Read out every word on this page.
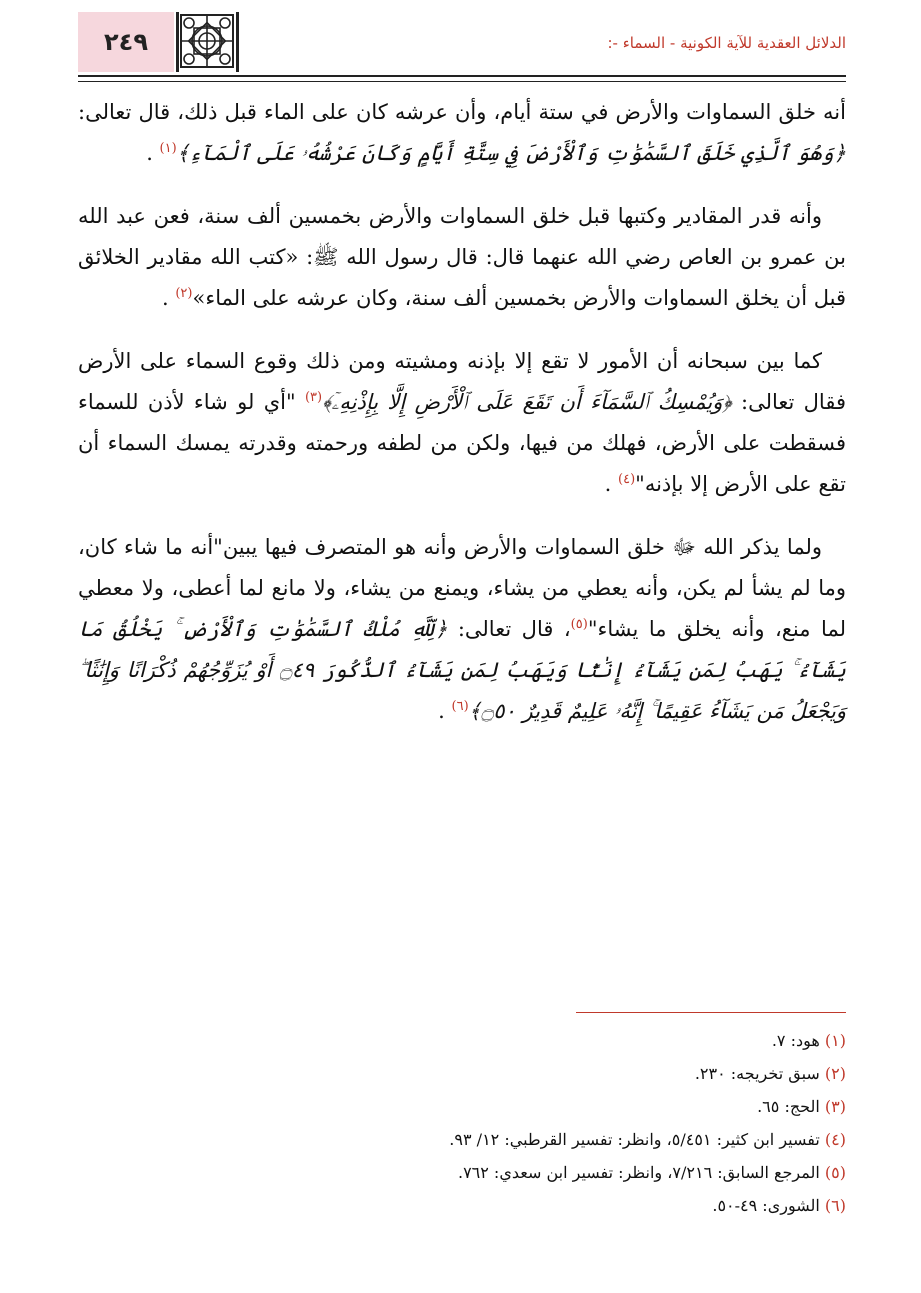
٢٤٩	الدلائل العقدية للآية الكونية - السماء -:

أنه خلق السماوات والأرض في ستة أيام، وأن عرشه كان على الماء قبل ذلك، قال تعالى: ﴿وَهُوَ ٱلَّذِي خَلَقَ ٱلسَّمَٰوَٰتِ وَٱلْأَرْضَ فِي سِتَّةِ أَيَّامٍ وَكَانَ عَرْشُهُۥ عَلَى ٱلْمَآءِ﴾$^{(١)}$ .

وأنه قدر المقادير وكتبها قبل خلق السماوات والأرض بخمسين ألف سنة، فعن عبد الله بن عمرو بن العاص رضي الله عنهما قال: قال رسول الله ﷺ: «كتب الله مقادير الخلائق قبل أن يخلق السماوات والأرض بخمسين ألف سنة، وكان عرشه على الماء»$^{(٢)}$ .

كما بين سبحانه أن الأمور لا تقع إلا بإذنه ومشيته ومن ذلك وقوع السماء على الأرض فقال تعالى: ﴿وَيُمْسِكُ ٱلسَّمَآءَ أَن تَقَعَ عَلَى ٱلْأَرْضِ إِلَّا بِإِذْنِهِۦٓ﴾$^{(٣)}$ "أي لو شاء لأذن للسماء فسقطت على الأرض، فهلك من فيها، ولكن من لطفه ورحمته وقدرته يمسك السماء أن تقع على الأرض إلا بإذنه"$^{(٤)}$ .

ولما يذكر الله ﷻ خلق السماوات والأرض وأنه هو المتصرف فيها يبين"أنه ما شاء كان، وما لم يشأ لم يكن، وأنه يعطي من يشاء، ويمنع من يشاء، ولا مانع لما أعطى، ولا معطي لما منع، وأنه يخلق ما يشاء"$^{(٥)}$، قال تعالى: ﴿لِّلَّهِ مُلْكُ ٱلسَّمَٰوَٰتِ وَٱلْأَرْضِ ۚ يَخْلُقُ مَا يَشَآءُ ۚ يَهَبُ لِمَن يَشَآءُ إِنَٰثًا وَيَهَبُ لِمَن يَشَآءُ ٱلذُّكُورَ ۝٤٩ أَوْ يُزَوِّجُهُمْ ذُكْرَانًا وَإِنَٰثًا ۖ وَيَجْعَلُ مَن يَشَآءُ عَقِيمًا ۚ إِنَّهُۥ عَلِيمٌ قَدِيرٌ ۝٥٠﴾$^{(٦)}$ .

(١) هود: ٧.
(٢) سبق تخريجه: ٢٣٠.
(٣) الحج: ٦٥.
(٤) تفسير ابن كثير: ٥/٤٥١، وانظر: تفسير القرطبي: ١٢/ ٩٣.
(٥) المرجع السابق: ٧/٢١٦، وانظر: تفسير ابن سعدي: ٧٦٢.
(٦) الشورى: ٤٩-٥٠.
